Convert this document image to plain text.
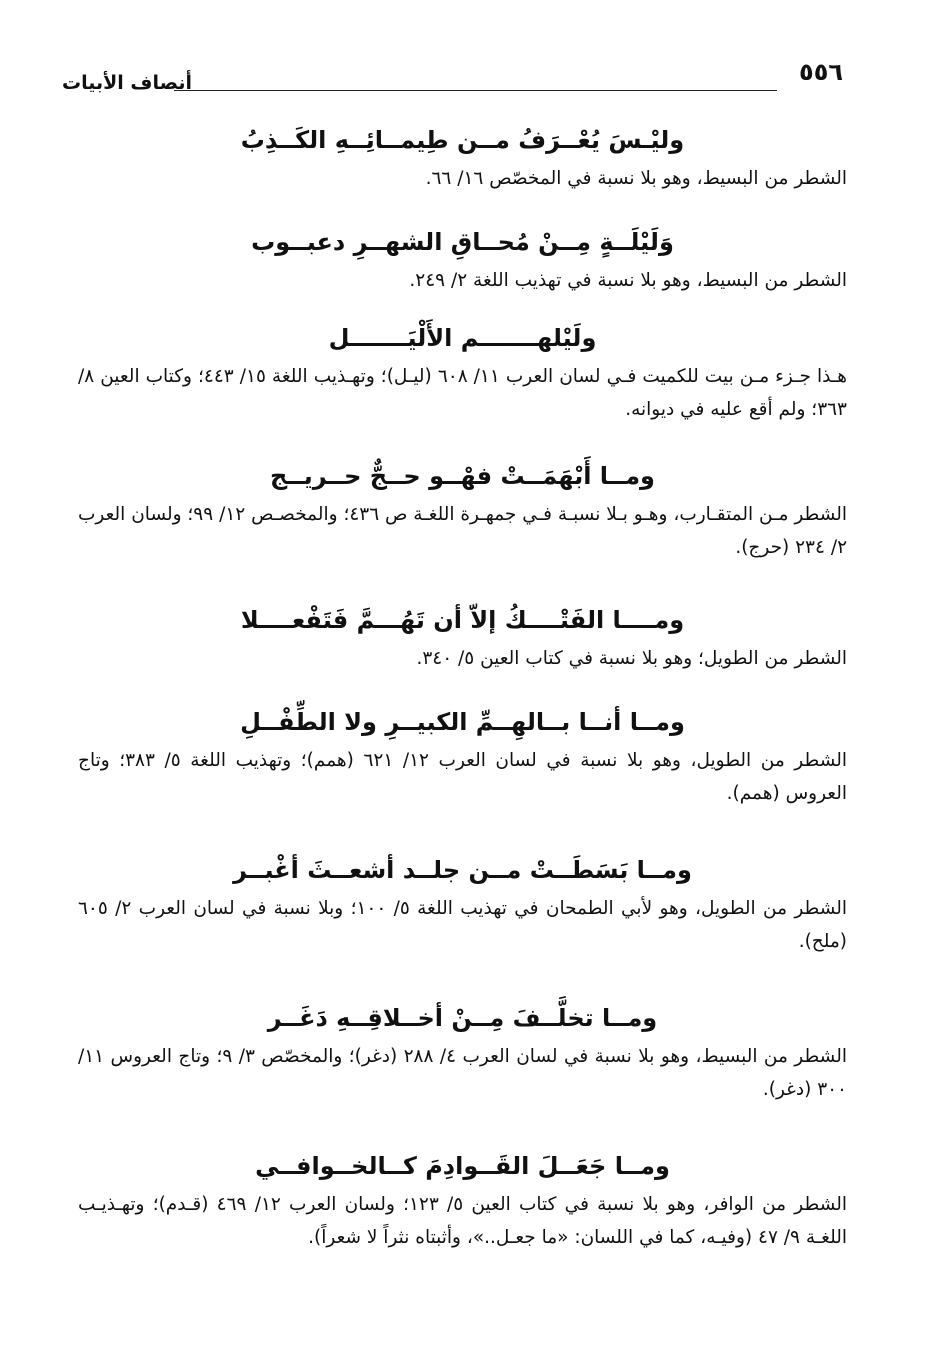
٥٥٦
أنصاف الأبيات
وليْـسَ يُعْــرَفُ مــن طِيمــائِــهِ الكَــذِبُ
الشطر من البسيط، وهو بلا نسبة في المخصّص ١٦/ ٦٦.
وَلَيْلَــةٍ مِــنْ مُحــاقِ الشهــرِ دعبــوب
الشطر من البسيط، وهو بلا نسبة في تهذيب اللغة ٢/ ٢٤٩.
ولَيْلهـــــــم الأَلْيَـــــــل
هـذا جـزء مـن بيت للكميت فـي لسان العرب ١١/ ٦٠٨ (ليـل)؛ وتهـذيب اللغة ١٥/ ٤٤٣؛ وكتاب العين ٨/ ٣٦٣؛ ولم أقع عليه في ديوانه.
ومــا أَبْهَمَــتْ فهْــو حــجٌّ حــريــج
الشطر مـن المتقـارب، وهـو بـلا نسبـة فـي جمهـرة اللغـة ص ٤٣٦؛ والمخصـص ١٢/ ٩٩؛ ولسان العرب ٢/ ٢٣٤ (حرج).
ومــــا الفَتْــــكُ إلاّ أن تَهُـــمَّ فَتَفْعــــلا
الشطر من الطويل؛ وهو بلا نسبة في كتاب العين ٥/ ٣٤٠.
ومــا أنــا بــالهِــمِّ الكبيــرِ ولا الطِّفْــلِ
الشطر من الطويل، وهو بلا نسبة في لسان العرب ١٢/ ٦٢١ (همم)؛ وتهذيب اللغة ٥/ ٣٨٣؛ وتاج العروس (همم).
ومــا بَسَطَــتْ مــن جلــد أشعــثَ أغْبــر
الشطر من الطويل، وهو لأبي الطمحان في تهذيب اللغة ٥/ ١٠٠؛ وبلا نسبة في لسان العرب ٢/ ٦٠٥ (ملح).
ومــا تخلَّــفَ مِــنْ أخــلاقِــهِ دَغَــر
الشطر من البسيط، وهو بلا نسبة في لسان العرب ٤/ ٢٨٨ (دغر)؛ والمخصّص ٣/ ٩؛ وتاج العروس ١١/ ٣٠٠ (دغر).
ومــا جَعَــلَ القَــوادِمَ كــالخــوافــي
الشطر من الوافر، وهو بلا نسبة في كتاب العين ٥/ ١٢٣؛ ولسان العرب ١٢/ ٤٦٩ (قـدم)؛ وتهـذيـب اللغـة ٩/ ٤٧ (وفيـه، كما في اللسان: «ما جعـل..»، وأثبتاه نثراً لا شعراً).
